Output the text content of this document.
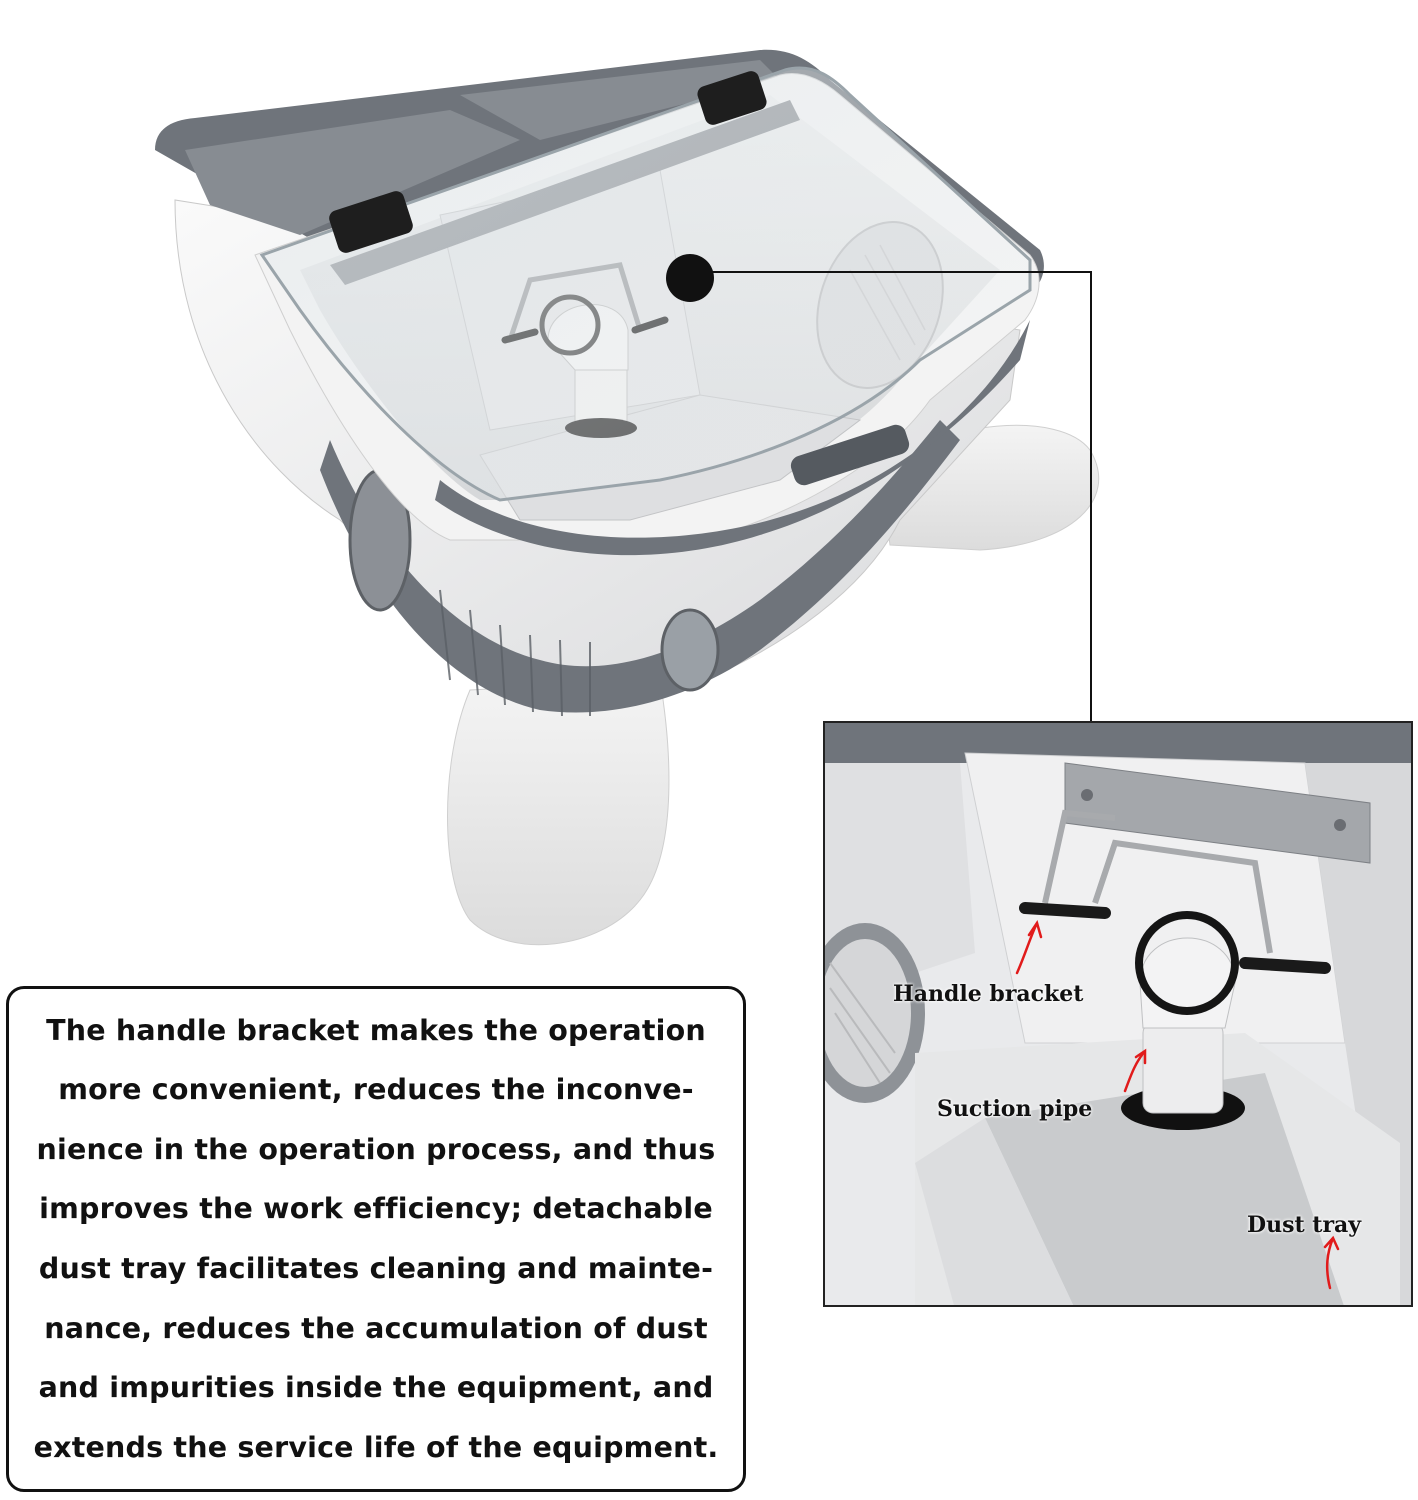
Handle bracket
Suction pipe
Dust tray

The handle bracket makes the operation
more convenient, reduces the inconve-
nience in the operation process, and thus
improves the work efficiency; detachable
dust tray facilitates cleaning and mainte-
nance, reduces the accumulation of dust
and impurities inside the equipment, and
extends the service life of the equipment.
